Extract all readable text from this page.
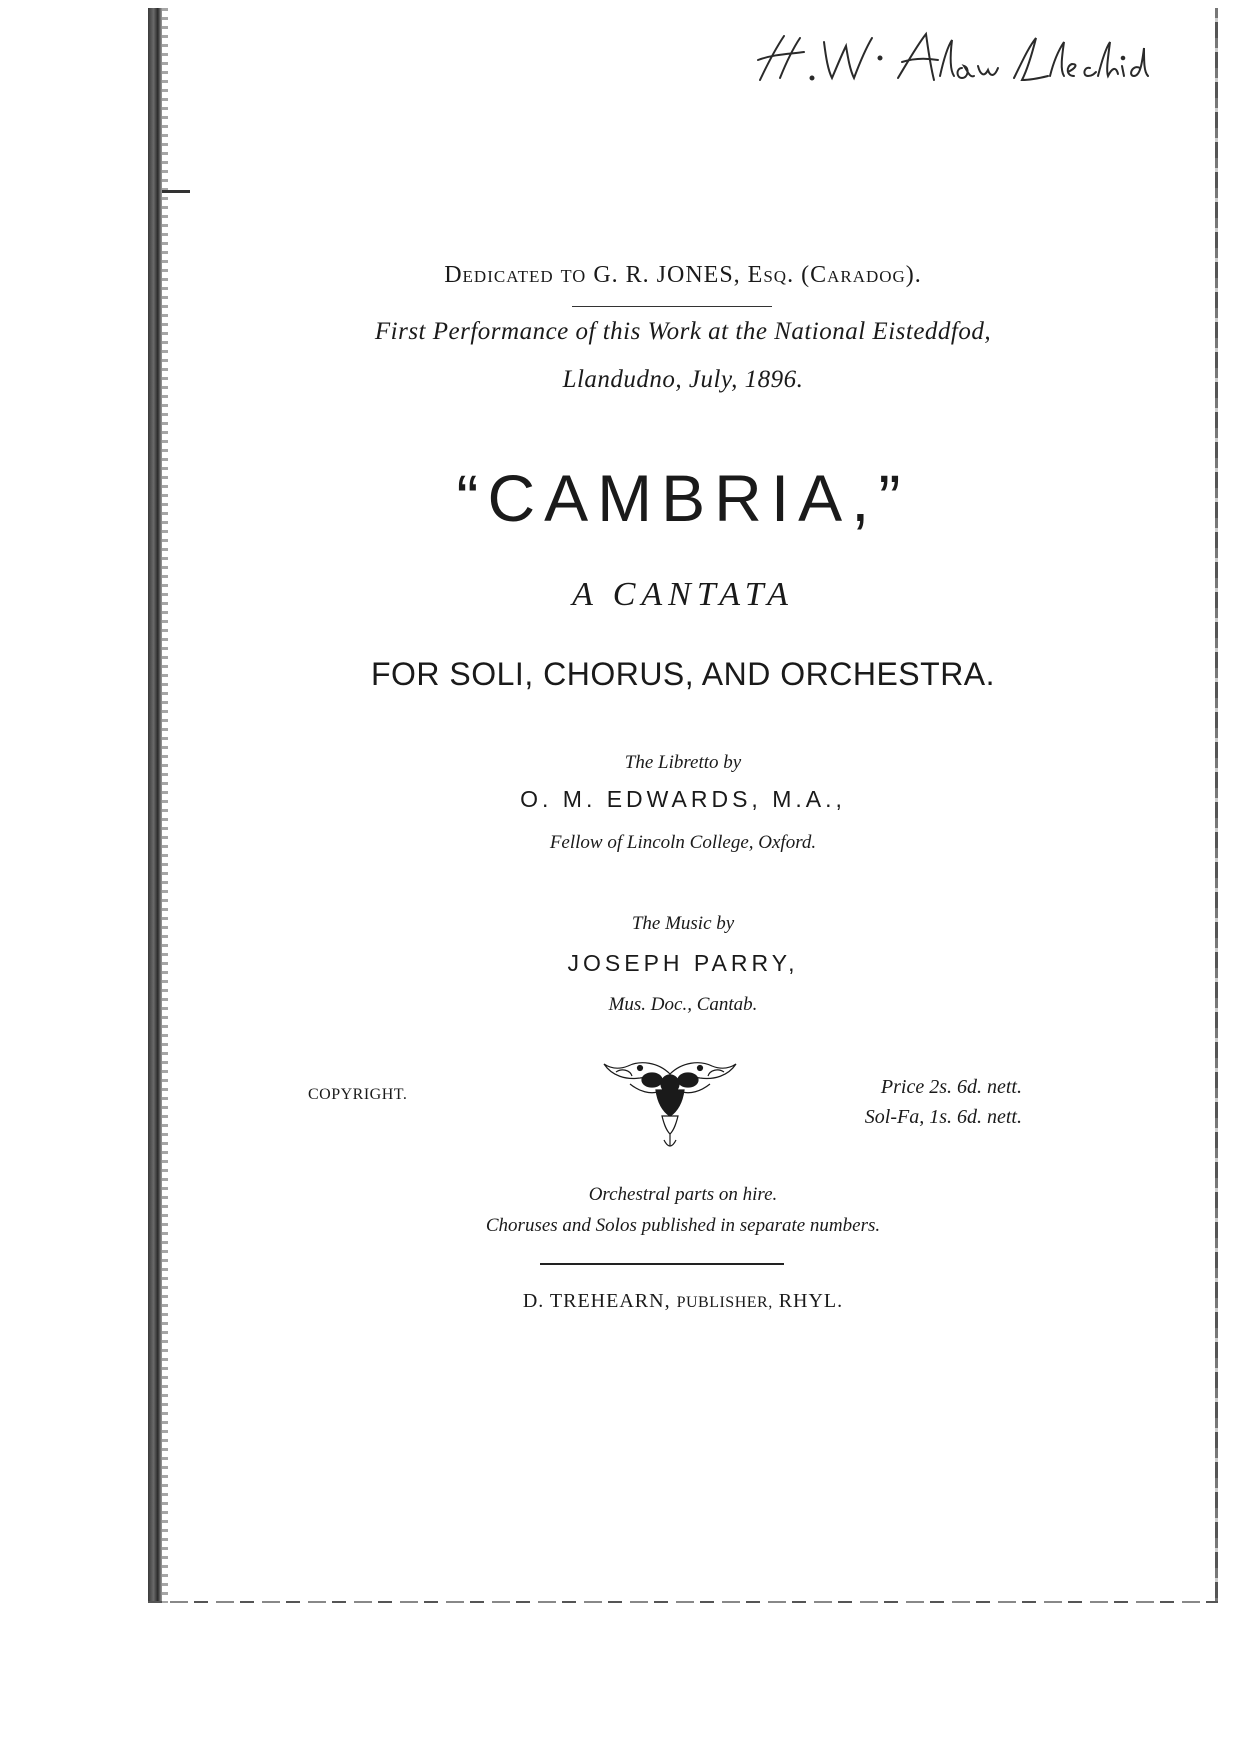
Dedicated TO G. R. JONES, Esq. (Caradog).
First Performance of this Work at the National Eisteddfod,
Llandudno, July, 1896.
“CAMBRIA,”
A CANTATA
FOR SOLI, CHORUS, AND ORCHESTRA.
The Libretto by
O. M. EDWARDS, M.A.,
Fellow of Lincoln College, Oxford.
The Music by
JOSEPH PARRY,
Mus. Doc., Cantab.
COPYRIGHT.	Price 2s. 6d. nett.
Sol-Fa, 1s. 6d. nett.
Orchestral parts on hire.
Choruses and Solos published in separate numbers.
D. TREHEARN, PUBLISHER, RHYL.
